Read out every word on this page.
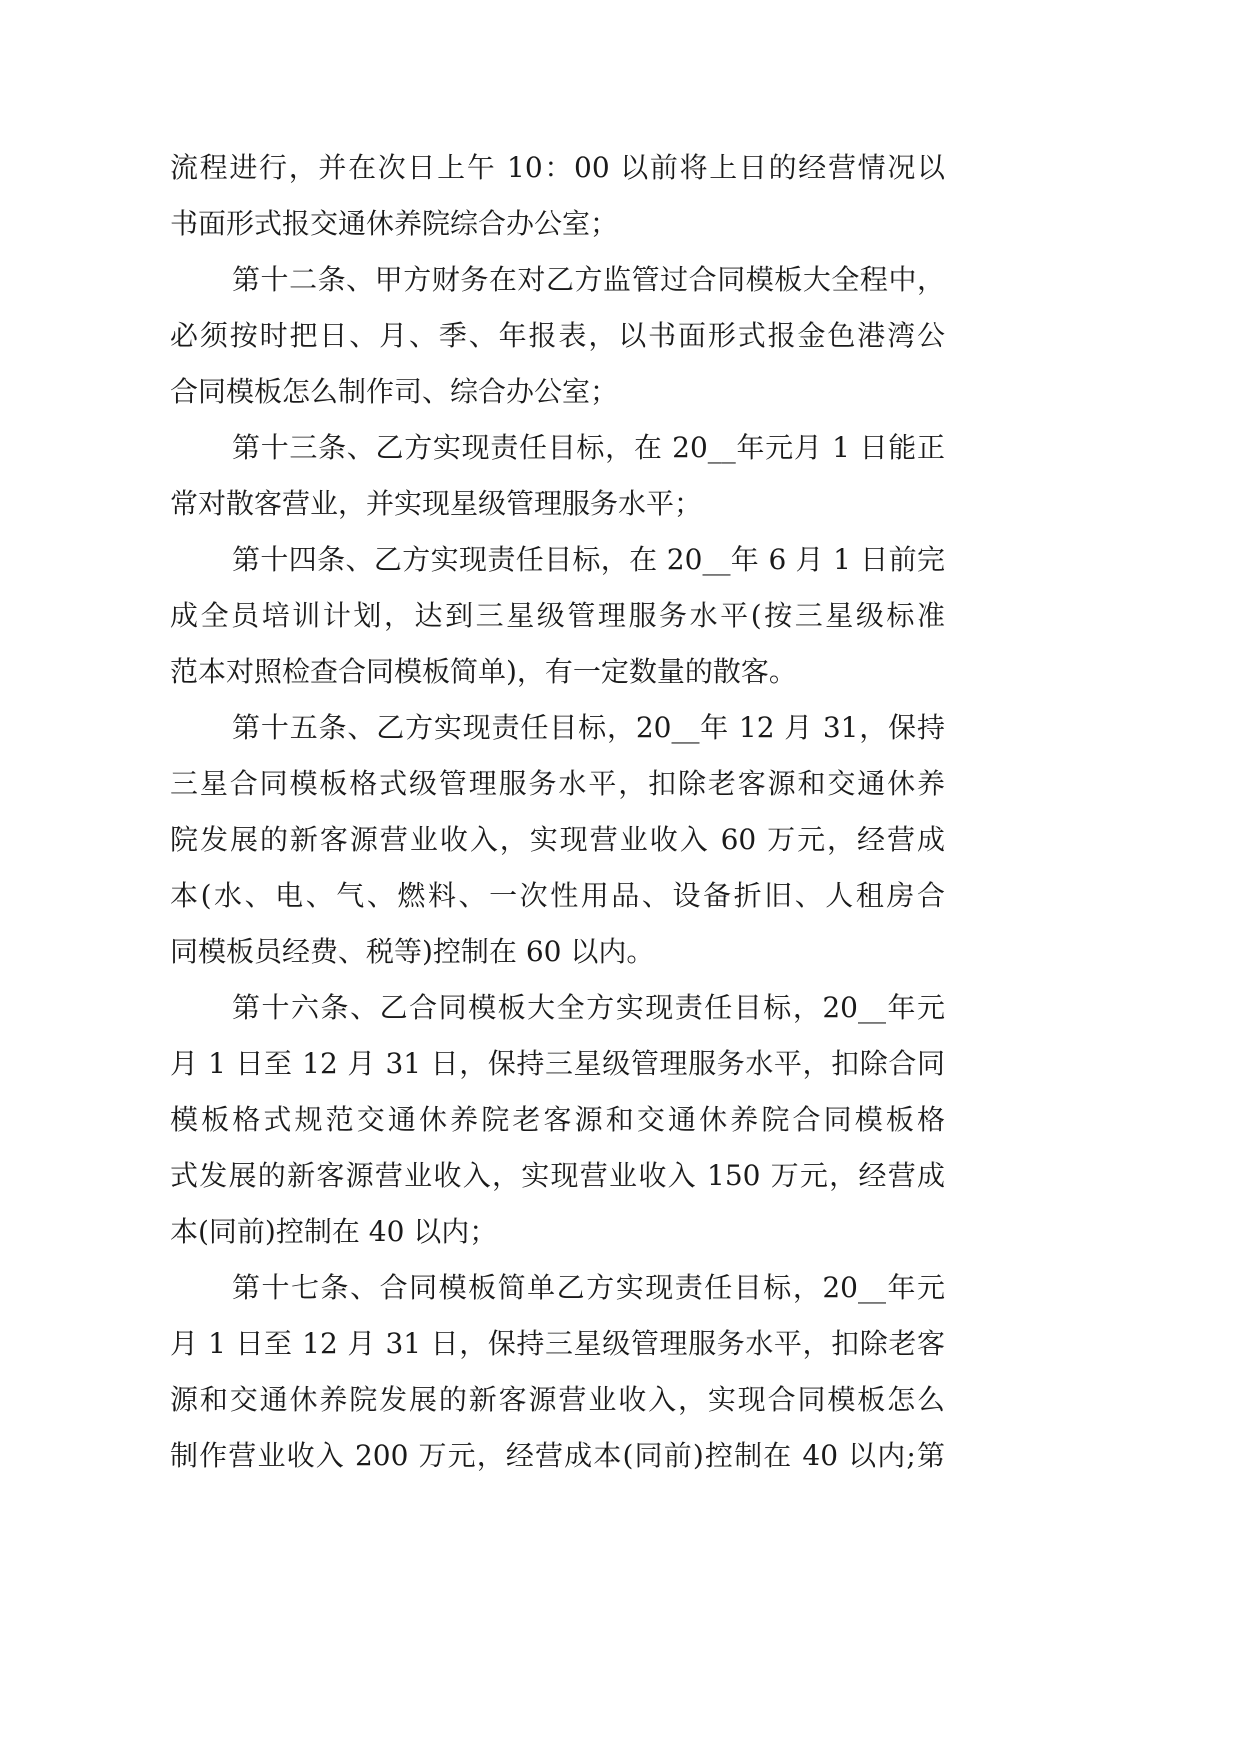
流程进行，并在次日上午 10：00 以前将上日的经营情况以
书面形式报交通休养院综合办公室；
第十二条、甲方财务在对乙方监管过合同模板大全程中，
必须按时把日、月、季、年报表，以书面形式报金色港湾公
合同模板怎么制作司、综合办公室；
第十三条、乙方实现责任目标，在 20__年元月 1 日能正
常对散客营业，并实现星级管理服务水平；
第十四条、乙方实现责任目标，在 20__年 6 月 1 日前完
成全员培训计划，达到三星级管理服务水平(按三星级标准
范本对照检查合同模板简单)，有一定数量的散客。
第十五条、乙方实现责任目标，20__年 12 月 31，保持
三星合同模板格式级管理服务水平，扣除老客源和交通休养
院发展的新客源营业收入，实现营业收入 60 万元，经营成
本(水、电、气、燃料、一次性用品、设备折旧、人租房合
同模板员经费、税等)控制在 60 以内。
第十六条、乙合同模板大全方实现责任目标，20__年元
月 1 日至 12 月 31 日，保持三星级管理服务水平，扣除合同
模板格式规范交通休养院老客源和交通休养院合同模板格
式发展的新客源营业收入，实现营业收入 150 万元，经营成
本(同前)控制在 40 以内；
第十七条、合同模板简单乙方实现责任目标，20__年元
月 1 日至 12 月 31 日，保持三星级管理服务水平，扣除老客
源和交通休养院发展的新客源营业收入，实现合同模板怎么
制作营业收入 200 万元，经营成本(同前)控制在 40 以内;第
